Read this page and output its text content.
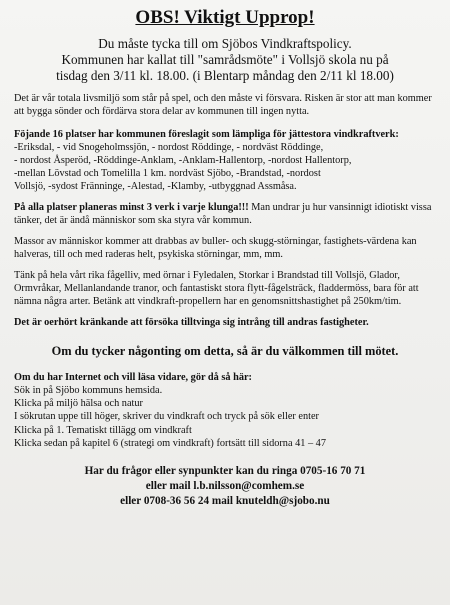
OBS! Viktigt Upprop!
Du måste tycka till om Sjöbos Vindkraftspolicy.
Kommunen har kallat till "samrådsmöte" i Vollsjö skola nu på
tisdag den 3/11 kl. 18.00. (i Blentarp måndag den 2/11 kl 18.00)

Det är vår totala livsmiljö som står på spel, och den måste vi försvara. Risken är stor att man kommer att bygga sönder och fördärva stora delar av kommunen till ingen nytta.

Föjande 16 platser har kommunen föreslagit som lämpliga för jättestora vindkraftverk:
-Eriksdal, - vid Snogeholmssjön, - nordost Röddinge, - nordväst Röddinge,
- nordost Åsperöd, -Röddinge-Anklam, -Anklam-Hallentorp, -nordost Hallentorp,
-mellan Lövstad och Tomelilla 1 km. nordväst Sjöbo, -Brandstad, -nordost
Vollsjö, -sydost Fränninge, -Alestad, -Klamby, -utbyggnad Assmåsa.

På alla platser planeras minst 3 verk i varje klunga!!! Man undrar ju hur vansinnigt idiotiskt vissa tänker, det är ändå människor som ska styra vår kommun.

Massor av människor kommer att drabbas av buller- och skugg-störningar, fastighets-värdena kan halveras, till och med raderas helt, psykiska störningar, mm, mm.

Tänk på hela vårt rika fågelliv, med örnar i Fyledalen, Storkar i Brandstad till Vollsjö, Glador, Ormvråkar, Mellanlandande tranor, och fantastiskt stora flytt-fågelsträck, fladdermöss, bara för att nämna några arter. Betänk att vindkraft-propellern har en genomsnittshastighet på 250km/tim.

Det är oerhört kränkande att försöka tilltvinga sig intrång till andras fastigheter.

Om du tycker någonting om detta, så är du välkommen till mötet.
Om du har Internet och vill läsa vidare, gör då så här:
Sök in på Sjöbo kommuns hemsida.
Klicka på miljö hälsa och natur
I sökrutan uppe till höger, skriver du vindkraft och tryck på sök eller enter
Klicka på 1. Tematiskt tillägg om vindkraft
Klicka sedan på kapitel 6 (strategi om vindkraft) fortsätt till sidorna 41 – 47
Har du frågor eller synpunkter kan du ringa 0705-16 70 71
eller mail l.b.nilsson@comhem.se
eller 0708-36 56 24 mail knuteldh@sjobo.nu
